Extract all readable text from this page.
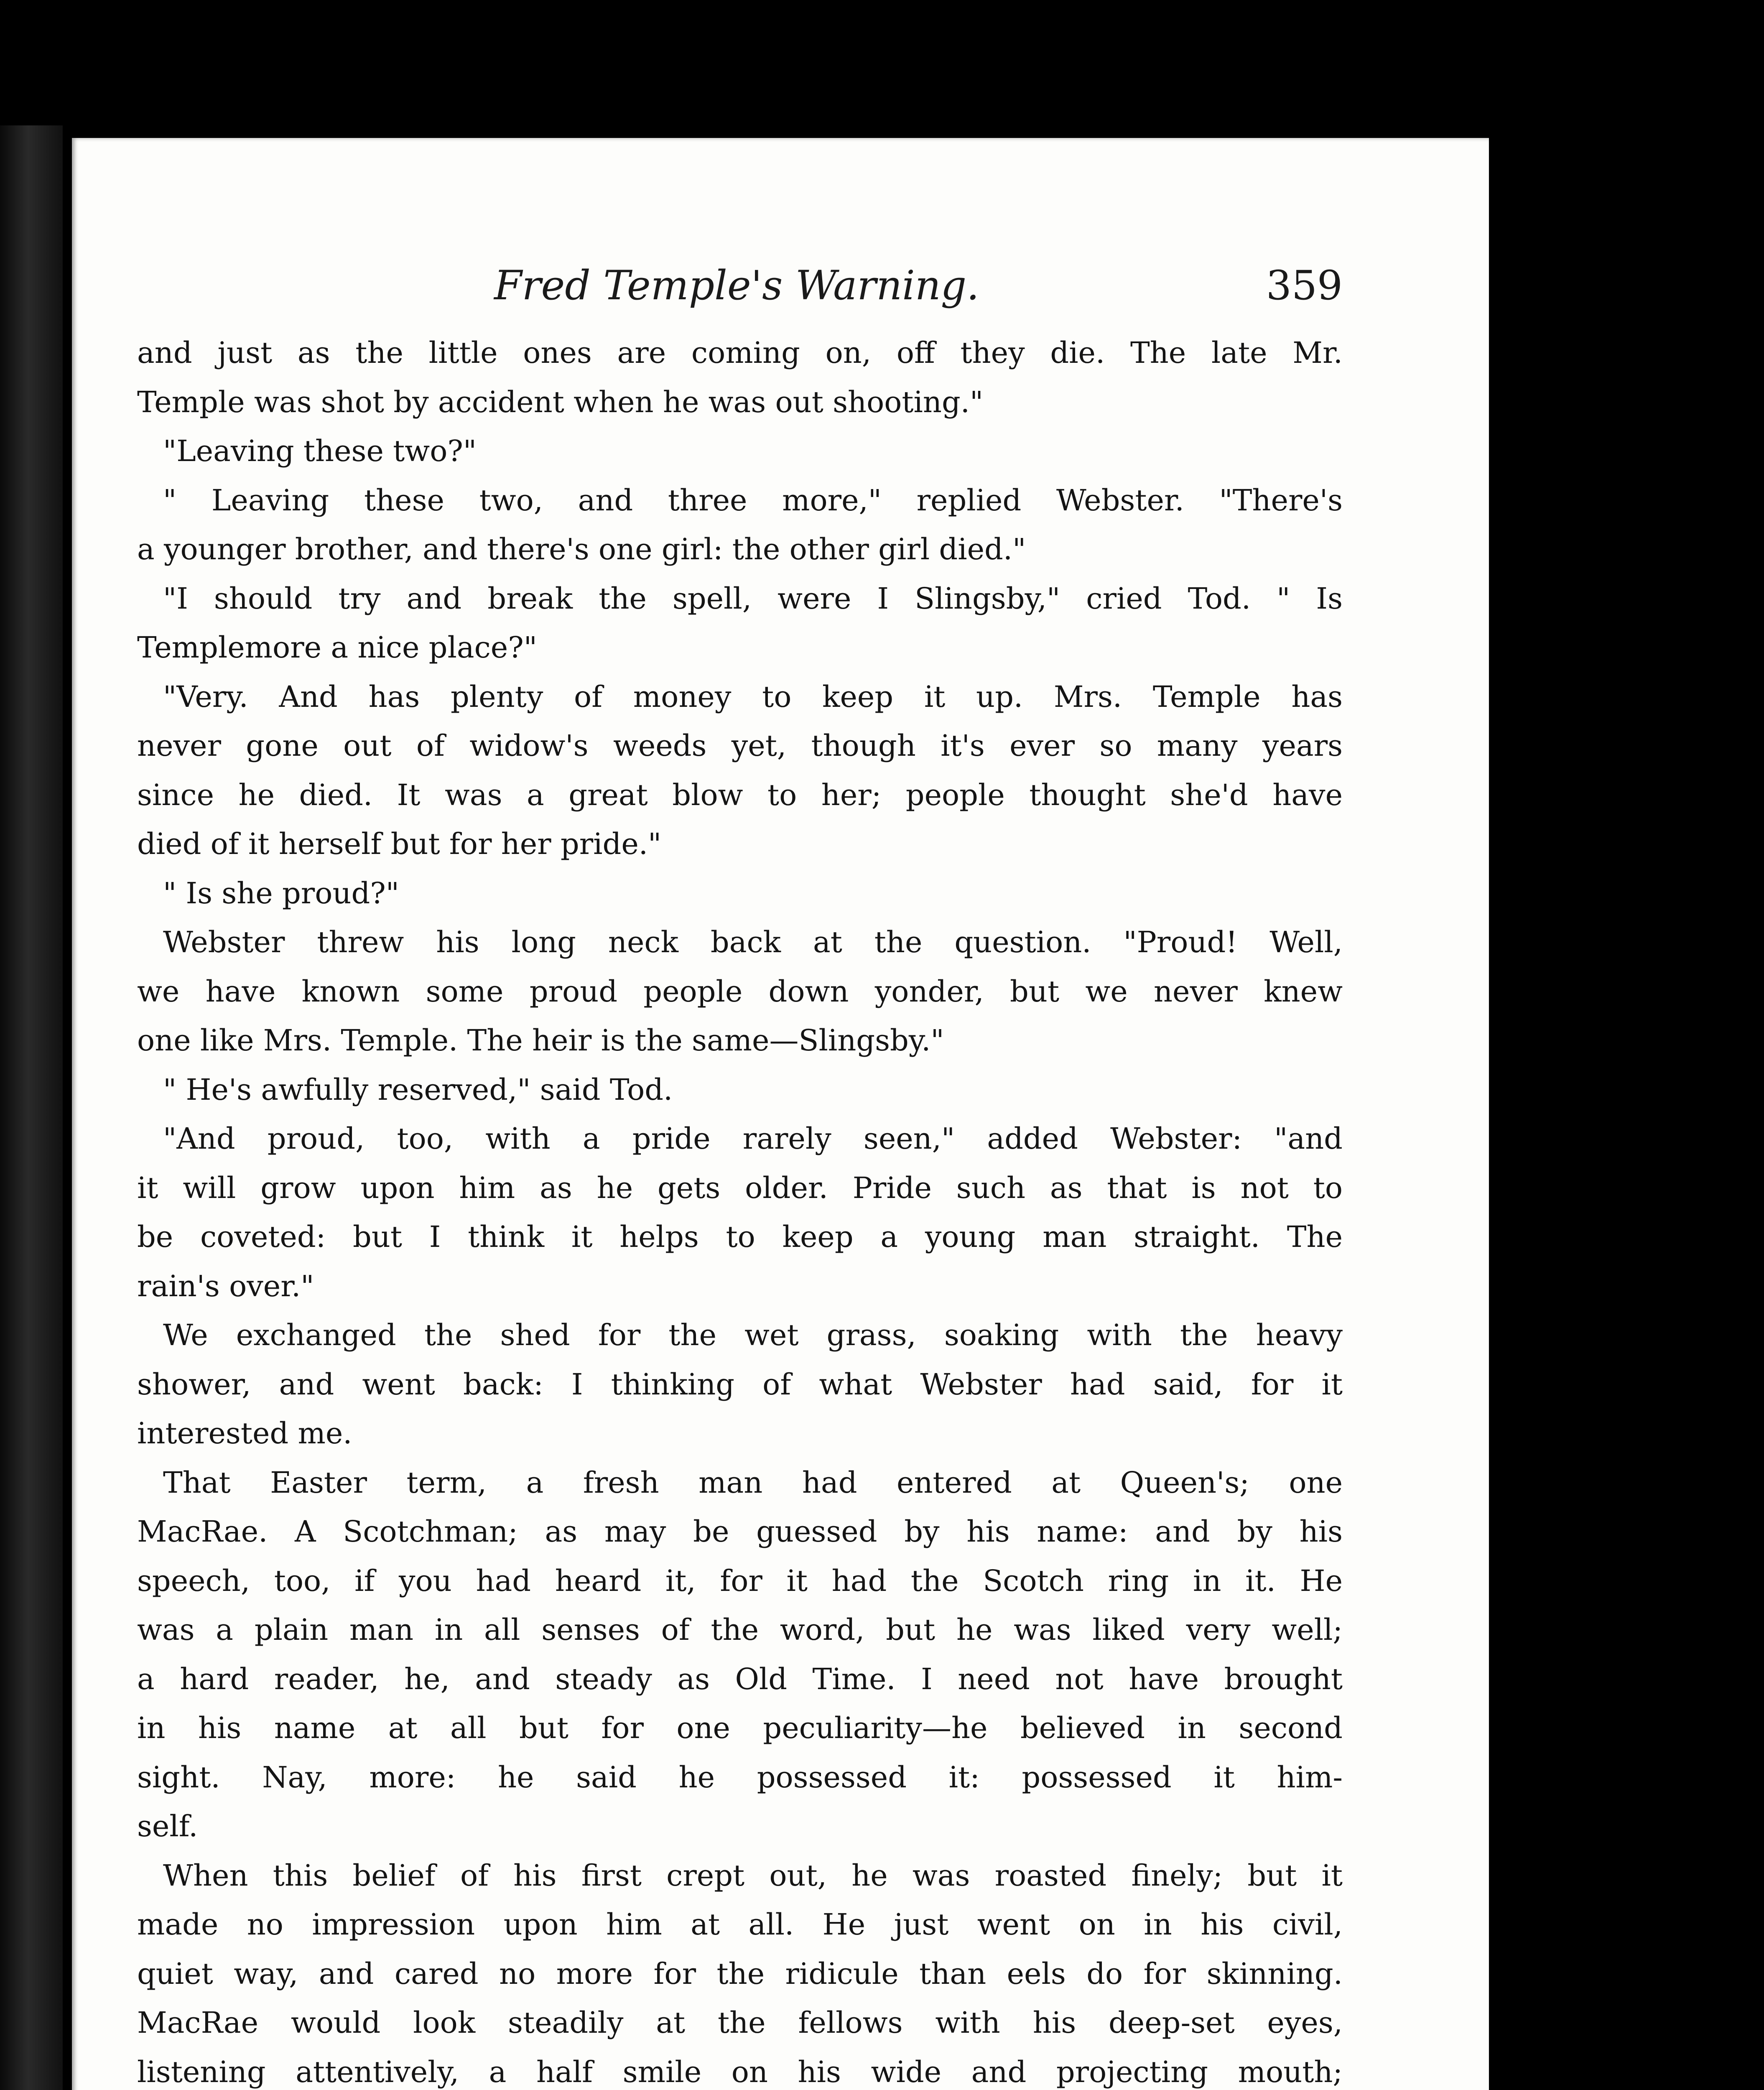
Fred Temple's Warning.	359
and just as the little ones are coming on, off they die. The late Mr.
Temple was shot by accident when he was out shooting."
"Leaving these two?"
" Leaving these two, and three more," replied Webster. "There's
a younger brother, and there's one girl: the other girl died."
"I should try and break the spell, were I Slingsby," cried Tod. " Is
Templemore a nice place?"
"Very. And has plenty of money to keep it up. Mrs. Temple has
never gone out of widow's weeds yet, though it's ever so many years
since he died. It was a great blow to her; people thought she'd have
died of it herself but for her pride."
" Is she proud?"
Webster threw his long neck back at the question. "Proud! Well,
we have known some proud people down yonder, but we never knew
one like Mrs. Temple. The heir is the same—Slingsby."
" He's awfully reserved," said Tod.
"And proud, too, with a pride rarely seen," added Webster: "and
it will grow upon him as he gets older. Pride such as that is not to
be coveted: but I think it helps to keep a young man straight. The
rain's over."
We exchanged the shed for the wet grass, soaking with the heavy
shower, and went back: I thinking of what Webster had said, for it
interested me.
That Easter term, a fresh man had entered at Queen's; one
MacRae. A Scotchman; as may be guessed by his name: and by his
speech, too, if you had heard it, for it had the Scotch ring in it. He
was a plain man in all senses of the word, but he was liked very well;
a hard reader, he, and steady as Old Time. I need not have brought
in his name at all but for one peculiarity—he believed in second
sight. Nay, more: he said he possessed it: possessed it him-
self.
When this belief of his first crept out, he was roasted finely; but it
made no impression upon him at all. He just went on in his civil,
quiet way, and cared no more for the ridicule than eels do for skinning.
MacRae would look steadily at the fellows with his deep-set eyes,
listening attentively, a half smile on his wide and projecting mouth;
